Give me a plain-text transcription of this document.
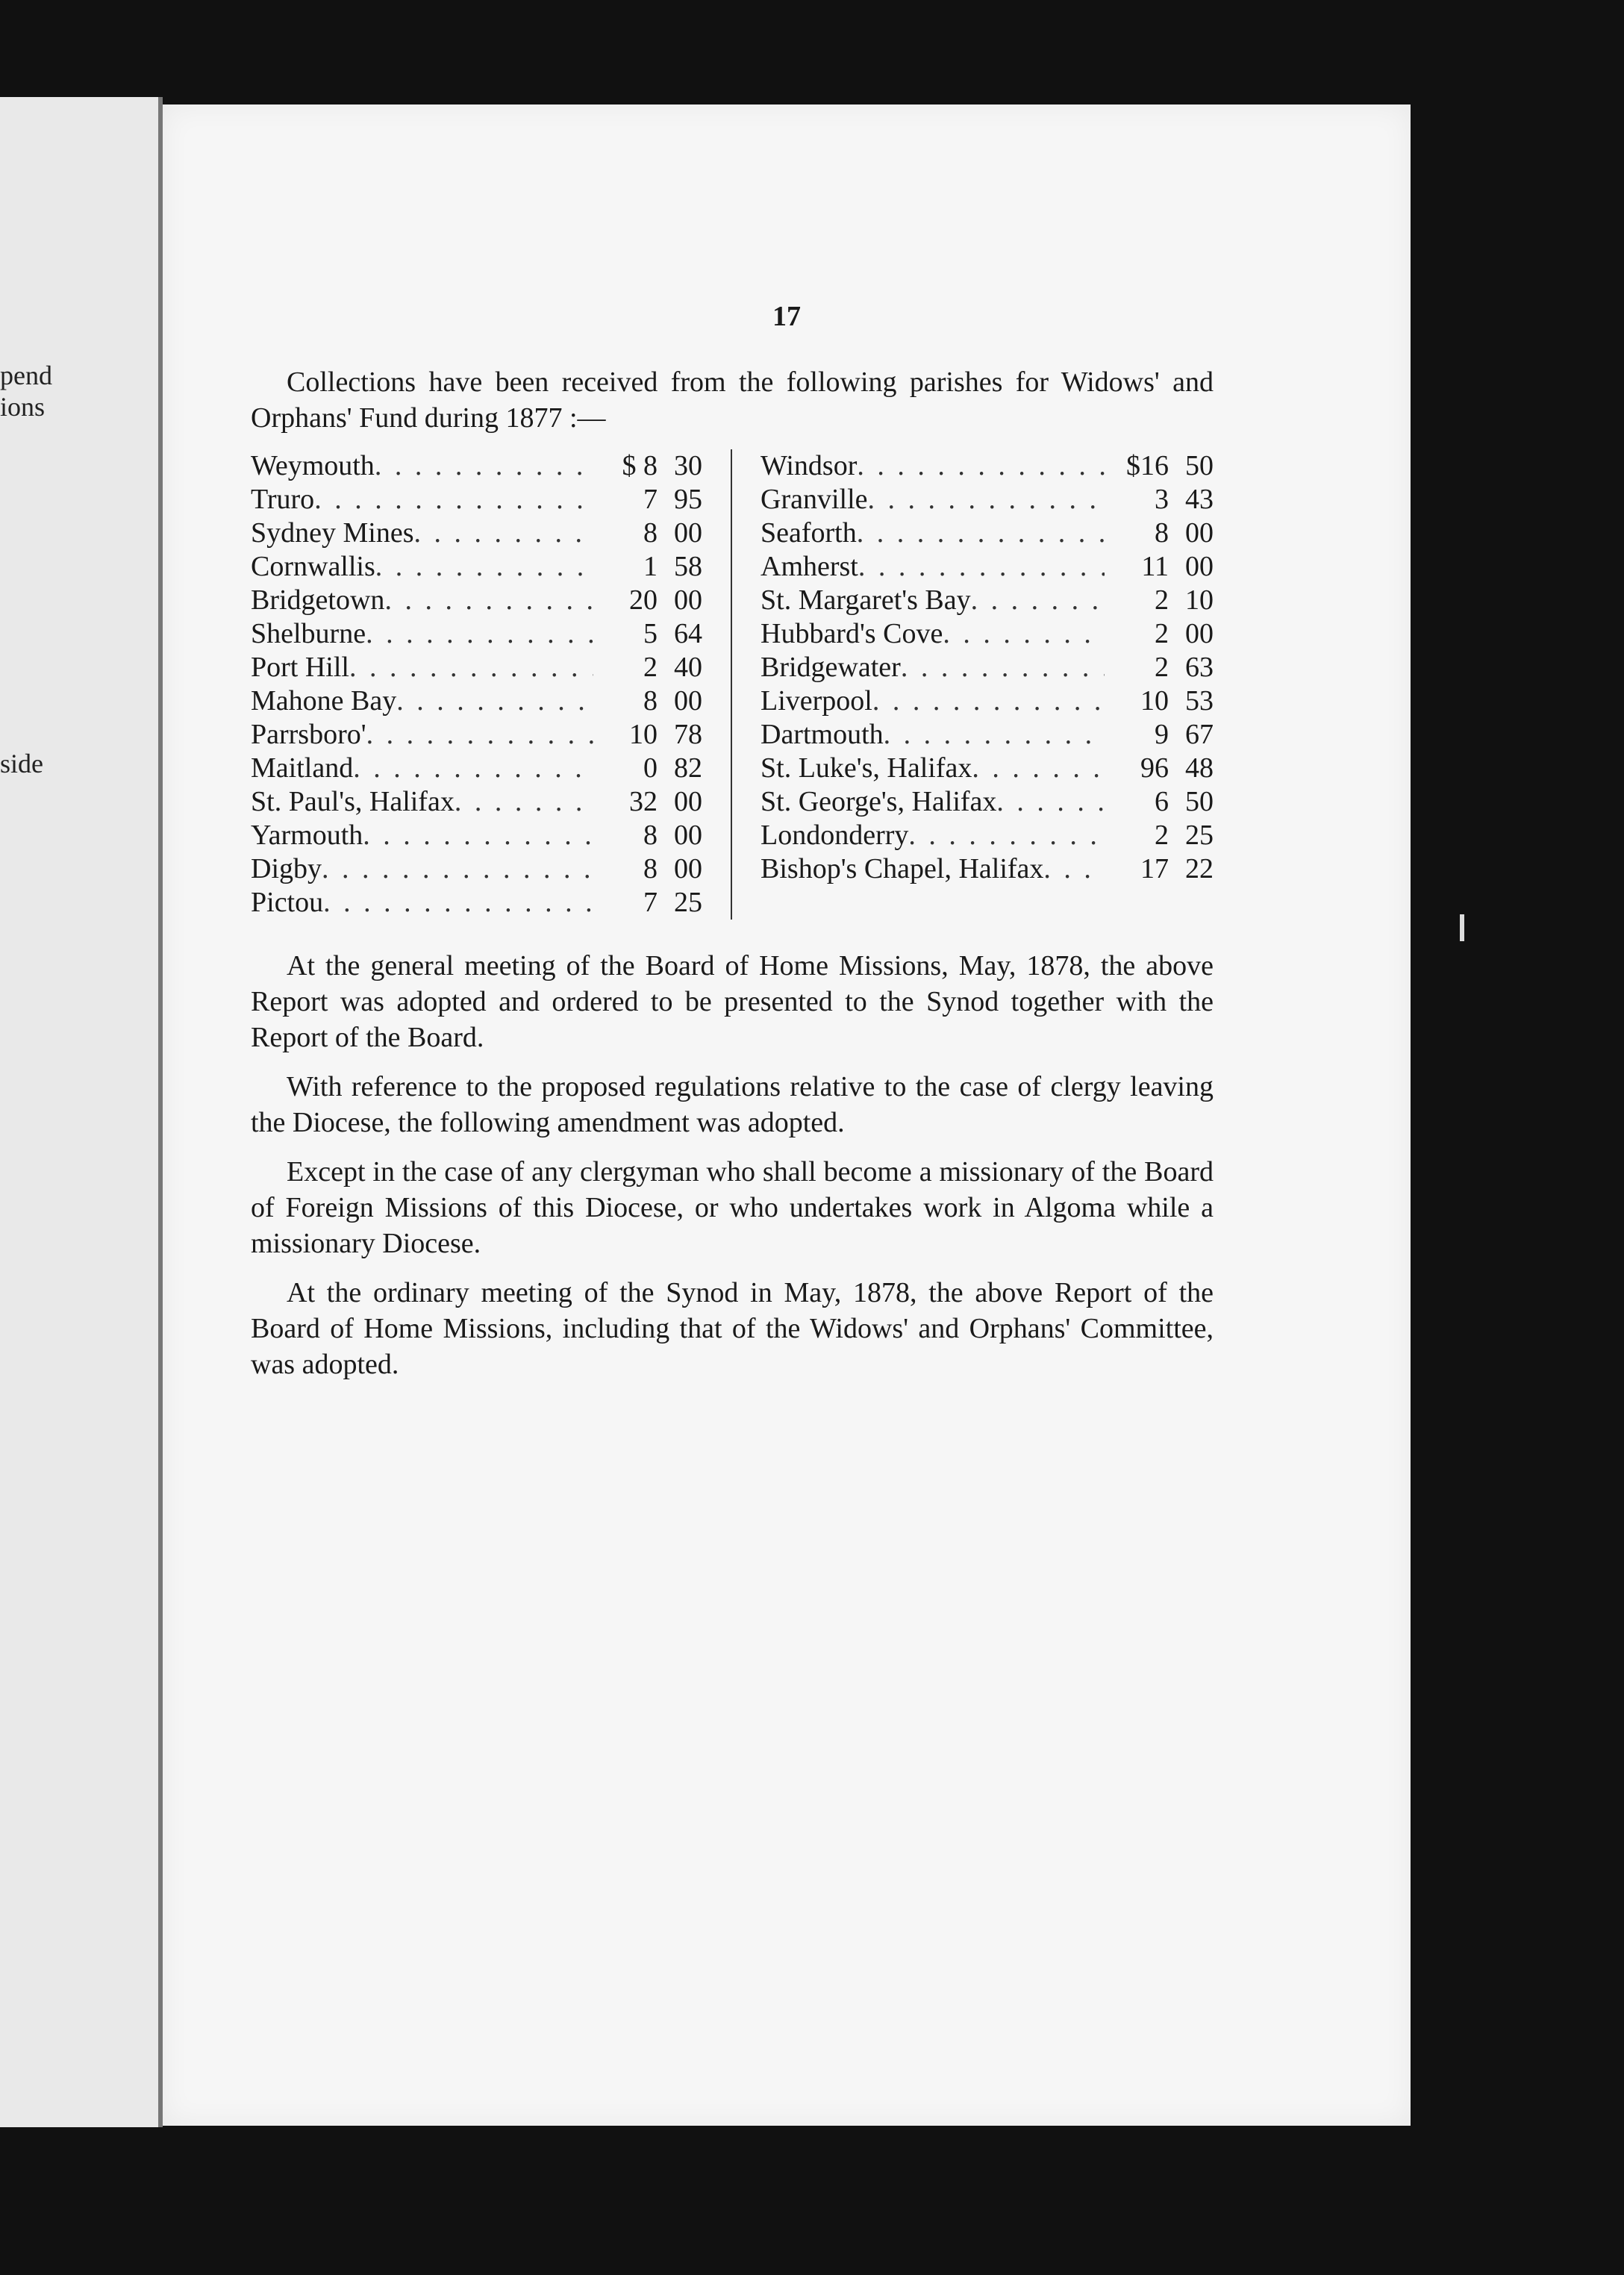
pend
ions
side
17

Collections have been received from the following parishes for Widows' and Orphans' Fund during 1877 :—

Weymouth . . .	$ 8 30
Truro . . .	7 95
Sydney Mines . . .	8 00
Cornwallis . . .	1 58
Bridgetown . . .	20 00
Shelburne . . .	5 64
Port Hill . . .	2 40
Mahone Bay . . .	8 00
Parrsboro' . . .	10 78
Maitland . . .	0 82
St. Paul's, Halifax . . .	32 00
Yarmouth . . .	8 00
Digby . . .	8 00
Pictou . . .	7 25
Windsor . . .	$16 50
Granville . . .	3 43
Seaforth . . .	8 00
Amherst . . .	11 00
St. Margaret's Bay . . .	2 10
Hubbard's Cove . . .	2 00
Bridgewater . . .	2 63
Liverpool . . .	10 53
Dartmouth . . .	9 67
St. Luke's, Halifax . . .	96 48
St. George's, Halifax . . .	6 50
Londonderry . . .	2 25
Bishop's Chapel, Halifax . . .	17 22

At the general meeting of the Board of Home Missions, May, 1878, the above Report was adopted and ordered to be presented to the Synod together with the Report of the Board.

With reference to the proposed regulations relative to the case of clergy leaving the Diocese, the following amendment was adopted.

Except in the case of any clergyman who shall become a missionary of the Board of Foreign Missions of this Diocese, or who undertakes work in Algoma while a missionary Diocese.

At the ordinary meeting of the Synod in May, 1878, the above Report of the Board of Home Missions, including that of the Widows' and Orphans' Committee, was adopted.
